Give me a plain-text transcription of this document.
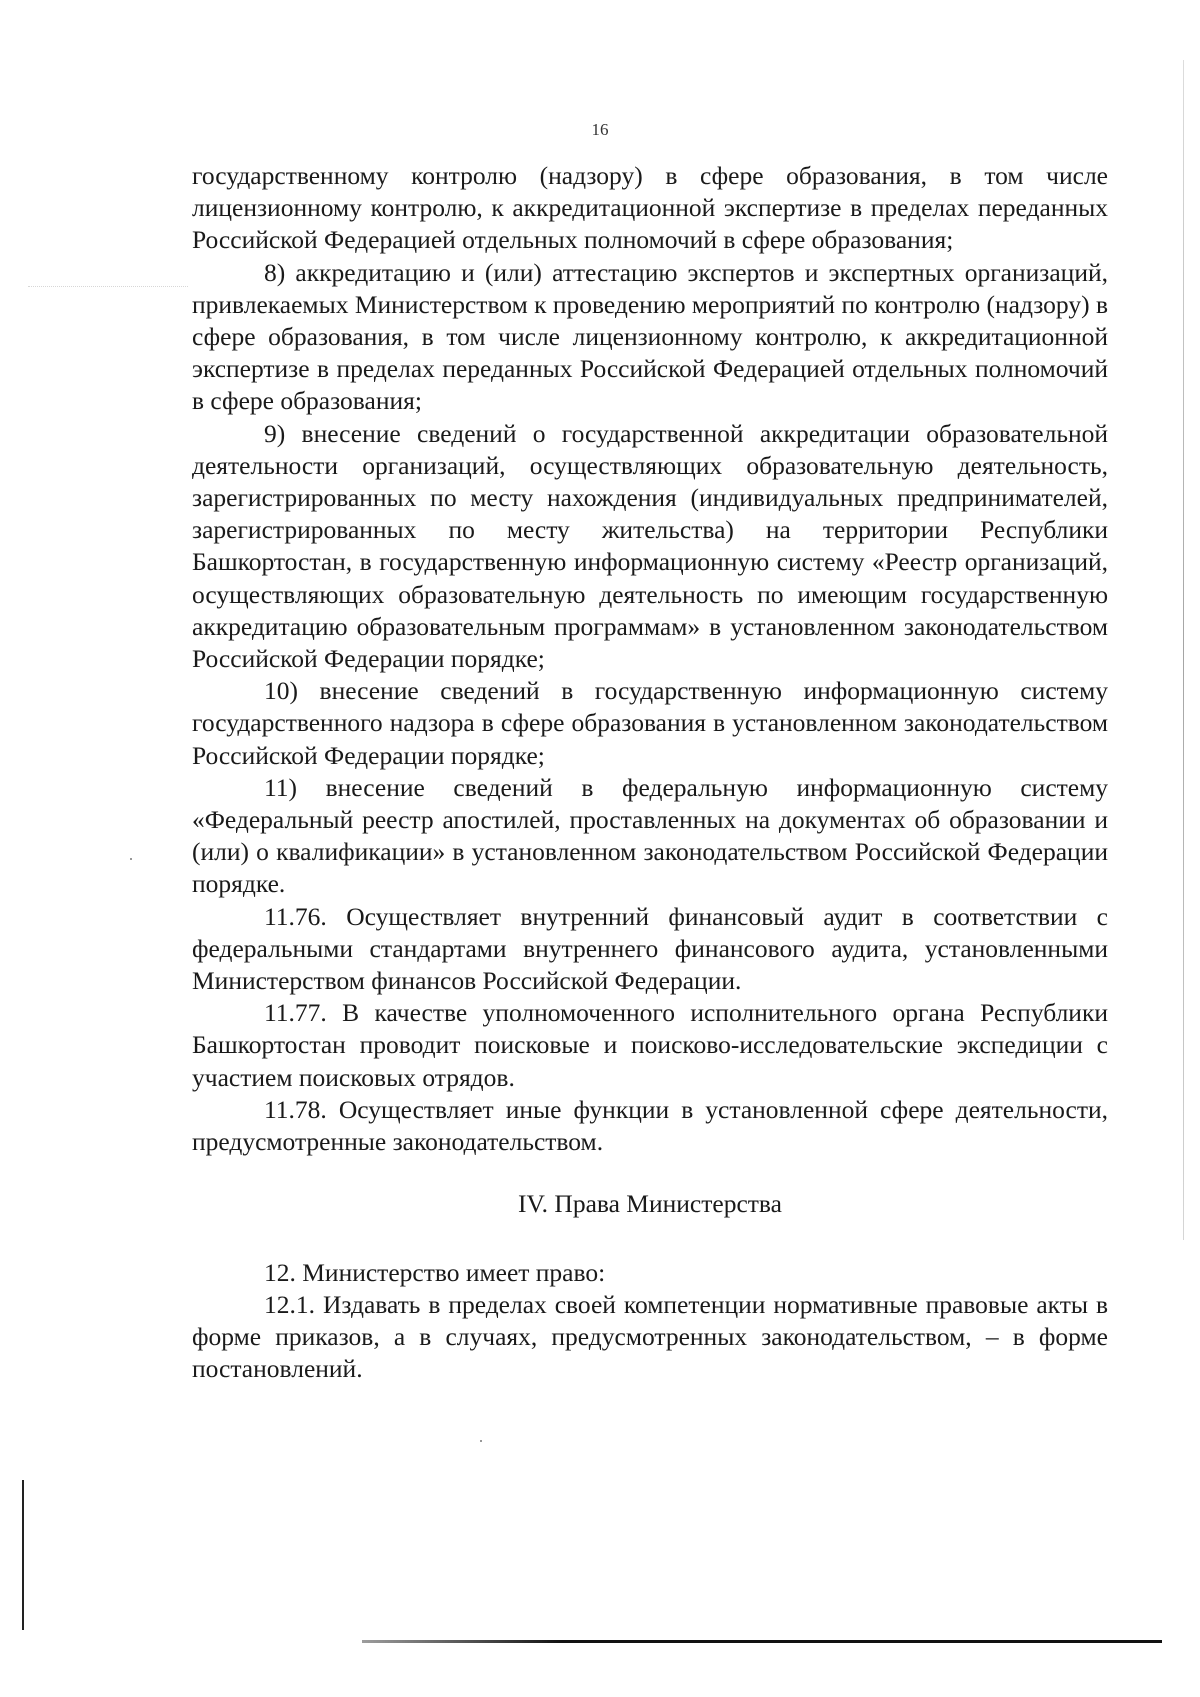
16

государственному контролю (надзору) в сфере образования, в том числе лицензионному контролю, к аккредитационной экспертизе в пределах переданных Российской Федерацией отдельных полномочий в сфере образования;

8) аккредитацию и (или) аттестацию экспертов и экспертных организаций, привлекаемых Министерством к проведению мероприятий по контролю (надзору) в сфере образования, в том числе лицензионному контролю, к аккредитационной экспертизе в пределах переданных Российской Федерацией отдельных полномочий в сфере образования;

9) внесение сведений о государственной аккредитации образовательной деятельности организаций, осуществляющих образовательную деятельность, зарегистрированных по месту нахождения (индивидуальных предпринимателей, зарегистрированных по месту жительства) на территории Республики Башкортостан, в государственную информационную систему «Реестр организаций, осуществляющих образовательную деятельность по имеющим государственную аккредитацию образовательным программам» в установленном законодательством Российской Федерации порядке;

10) внесение сведений в государственную информационную систему государственного надзора в сфере образования в установленном законодательством Российской Федерации порядке;

11) внесение сведений в федеральную информационную систему «Федеральный реестр апостилей, проставленных на документах об образовании и (или) о квалификации» в установленном законодательством Российской Федерации порядке.

11.76. Осуществляет внутренний финансовый аудит в соответствии с федеральными стандартами внутреннего финансового аудита, установленными Министерством финансов Российской Федерации.

11.77. В качестве уполномоченного исполнительного органа Республики Башкортостан проводит поисковые и поисково-исследовательские экспедиции с участием поисковых отрядов.

11.78. Осуществляет иные функции в установленной сфере деятельности, предусмотренные законодательством.

IV. Права Министерства

12. Министерство имеет право:

12.1. Издавать в пределах своей компетенции нормативные правовые акты в форме приказов, а в случаях, предусмотренных законодательством, – в форме постановлений.
